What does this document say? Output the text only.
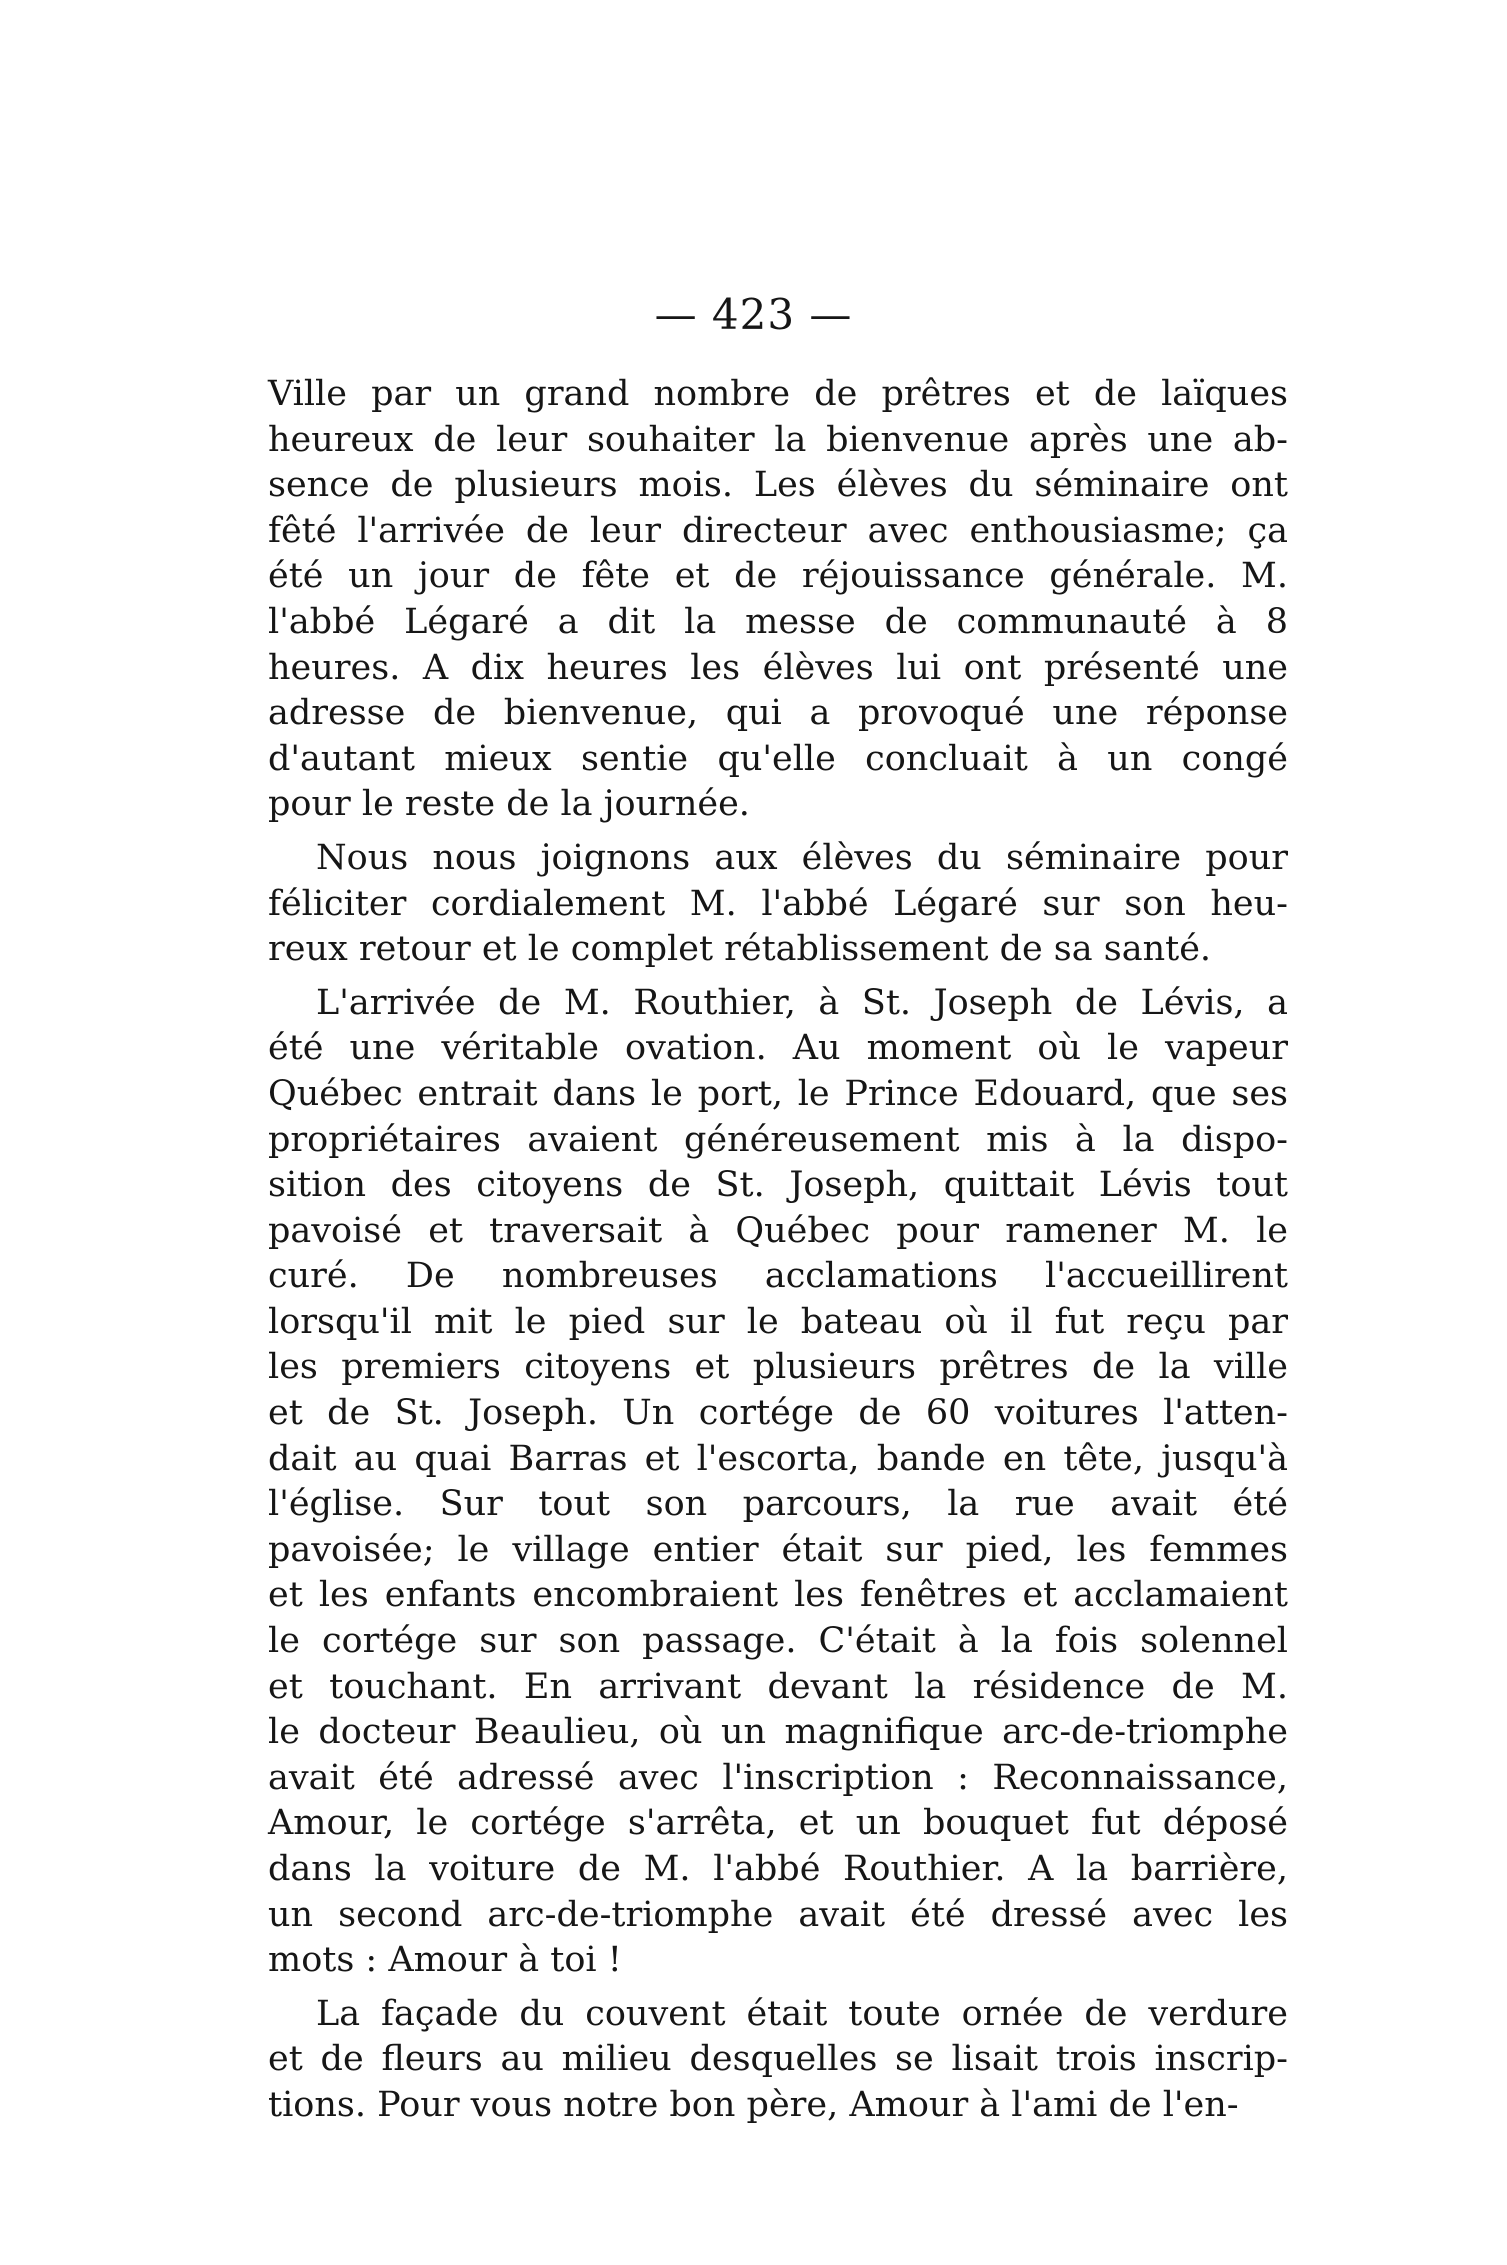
— 423 —
Ville par un grand nombre de prêtres et de laïques
heureux de leur souhaiter la bienvenue après une ab-
sence de plusieurs mois. Les élèves du séminaire ont
fêté l'arrivée de leur directeur avec enthousiasme; ça
été un jour de fête et de réjouissance générale. M.
l'abbé Légaré a dit la messe de communauté à 8
heures. A dix heures les élèves lui ont présenté une
adresse de bienvenue, qui a provoqué une réponse
d'autant mieux sentie qu'elle concluait à un congé
pour le reste de la journée.
Nous nous joignons aux élèves du séminaire pour
féliciter cordialement M. l'abbé Légaré sur son heu-
reux retour et le complet rétablissement de sa santé.
L'arrivée de M. Routhier, à St. Joseph de Lévis, a
été une véritable ovation. Au moment où le vapeur
Québec entrait dans le port, le Prince Edouard, que ses
propriétaires avaient généreusement mis à la dispo-
sition des citoyens de St. Joseph, quittait Lévis tout
pavoisé et traversait à Québec pour ramener M. le
curé. De nombreuses acclamations l'accueillirent
lorsqu'il mit le pied sur le bateau où il fut reçu par
les premiers citoyens et plusieurs prêtres de la ville
et de St. Joseph. Un cortége de 60 voitures l'atten-
dait au quai Barras et l'escorta, bande en tête, jusqu'à
l'église. Sur tout son parcours, la rue avait été
pavoisée; le village entier était sur pied, les femmes
et les enfants encombraient les fenêtres et acclamaient
le cortége sur son passage. C'était à la fois solennel
et touchant. En arrivant devant la résidence de M.
le docteur Beaulieu, où un magnifique arc-de-triomphe
avait été adressé avec l'inscription : Reconnaissance,
Amour, le cortége s'arrêta, et un bouquet fut déposé
dans la voiture de M. l'abbé Routhier. A la barrière,
un second arc-de-triomphe avait été dressé avec les
mots : Amour à toi !
La façade du couvent était toute ornée de verdure
et de fleurs au milieu desquelles se lisait trois inscrip-
tions. Pour vous notre bon père, Amour à l'ami de l'en-
